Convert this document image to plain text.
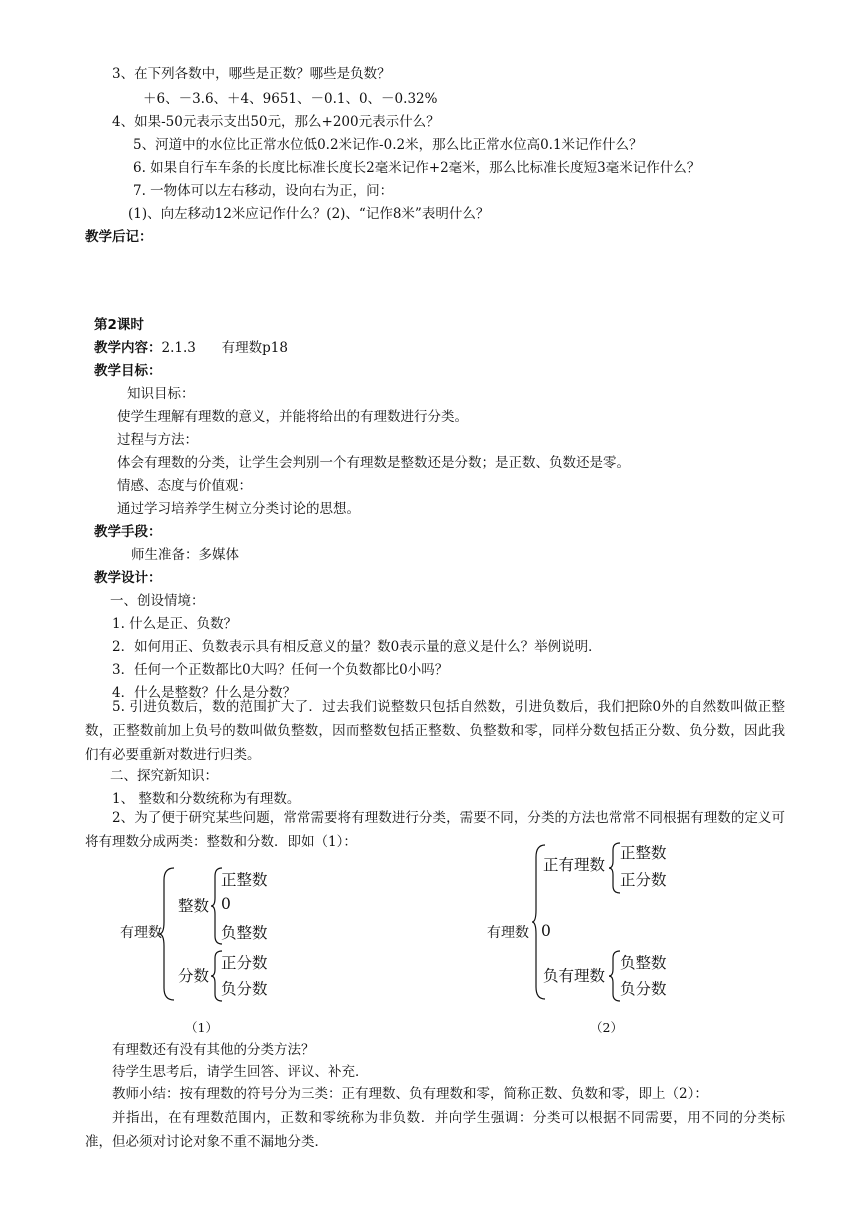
3、在下列各数中，哪些是正数？哪些是负数？
＋6、－3.6、＋4、9651、－0.1、0、－0.32%
4、如果-50元表示支出50元，那么+200元表示什么？
5、河道中的水位比正常水位低0.2米记作-0.2米，那么比正常水位高0.1米记作什么？
6. 如果自行车车条的长度比标准长度长2毫米记作+2毫米，那么比标准长度短3毫米记作什么？
7. 一物体可以左右移动，设向右为正，问：
(1)、向左移动12米应记作什么？(2)、“记作8米”表明什么？
教学后记：
第2课时
教学内容：2.1.3      有理数p18
教学目标：
知识目标：
使学生理解有理数的意义，并能将给出的有理数进行分类。
过程与方法：
体会有理数的分类，让学生会判别一个有理数是整数还是分数；是正数、负数还是零。
情感、态度与价值观：
通过学习培养学生树立分类讨论的思想。
教学手段：
师生准备：多媒体
教学设计：
一、创设情境：
1. 什么是正、负数？
2．如何用正、负数表示具有相反意义的量？数0表示量的意义是什么？举例说明．
3．任何一个正数都比0大吗？任何一个负数都比0小吗？
4．什么是整数？什么是分数？
5. 引进负数后，数的范围扩大了．过去我们说整数只包括自然数，引进负数后，我们把除0外的自然数叫做正整数，正整数前加上负号的数叫做负整数，因而整数包括正整数、负整数和零，同样分数包括正分数、负分数，因此我们有必要重新对数进行归类。
二、探究新知识：
1、 整数和分数统称为有理数。
2、为了便于研究某些问题，常常需要将有理数进行分类，需要不同，分类的方法也常常不同根据有理数的定义可将有理数分成两类：整数和分数．即如（1）：
有理数
整数
正整数
0
负整数
分数
正分数
负分数
（1）
有理数
正有理数
正整数
正分数
0
负有理数
负整数
负分数
（2）
有理数还有没有其他的分类方法？
待学生思考后，请学生回答、评议、补充．
教师小结：按有理数的符号分为三类：正有理数、负有理数和零，简称正数、负数和零，即上（2）：
并指出，在有理数范围内，正数和零统称为非负数．并向学生强调：分类可以根据不同需要，用不同的分类标准，但必须对讨论对象不重不漏地分类．
